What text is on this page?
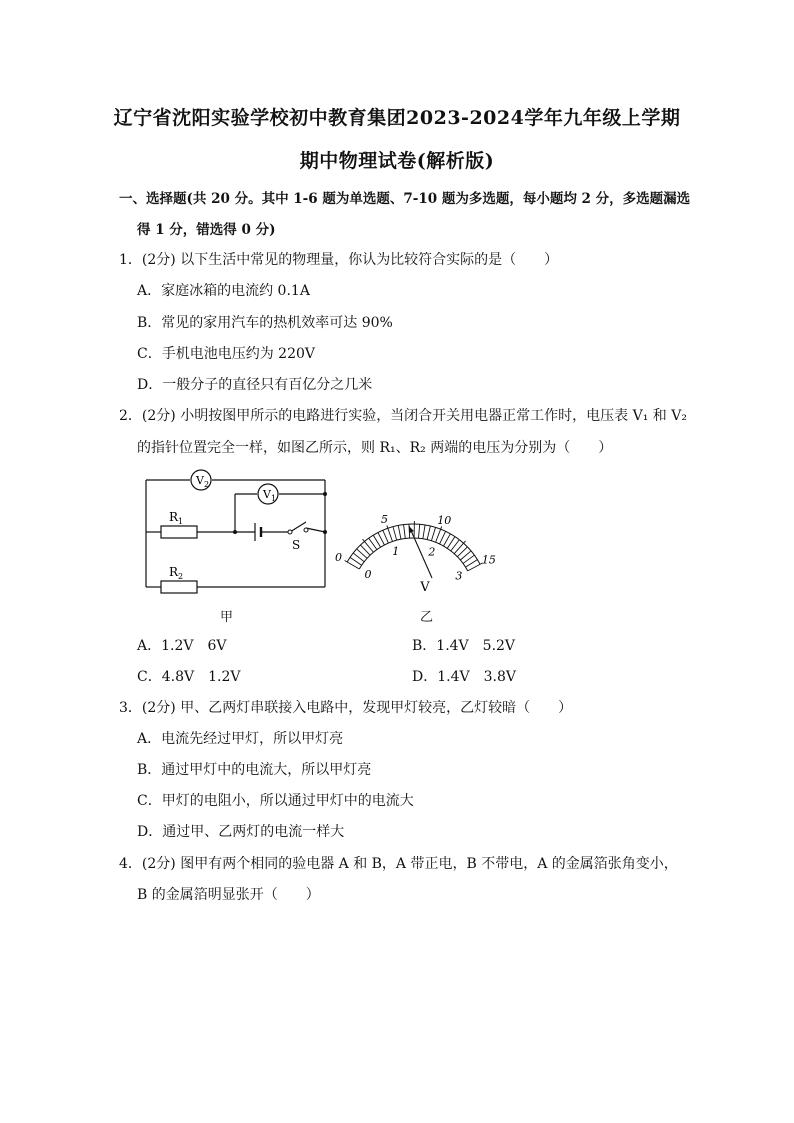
辽宁省沈阳实验学校初中教育集团2023-2024学年九年级上学期
期中物理试卷(解析版)
一、选择题(共 20 分。其中 1-6 题为单选题、7-10 题为多选题，每小题均 2 分，多选题漏选
得 1 分，错选得 0 分)
1．(2分) 以下生活中常见的物理量，你认为比较符合实际的是（　　）
A．家庭冰箱的电流约 0.1A
B．常见的家用汽车的热机效率可达 90%
C．手机电池电压约为 220V
D．一般分子的直径只有百亿分之几米
2．(2分) 小明按图甲所示的电路进行实验，当闭合开关用电器正常工作时，电压表 V₁ 和 V₂
的指针位置完全一样，如图乙所示，则 R₁、R₂ 两端的电压为分别为（　　）
$V_2$
$V_1$
$R_1$
$R_2$
S
0
5	10
15
0
1	2
3
V
甲	乙
A．1.2V　6V	B．1.4V　5.2V
C．4.8V　1.2V	D．1.4V　3.8V
3．(2分) 甲、乙两灯串联接入电路中，发现甲灯较亮，乙灯较暗（　　）
A．电流先经过甲灯，所以甲灯亮
B．通过甲灯中的电流大，所以甲灯亮
C．甲灯的电阻小，所以通过甲灯中的电流大
D．通过甲、乙两灯的电流一样大
4．(2分) 图甲有两个相同的验电器 A 和 B，A 带正电，B 不带电，A 的金属箔张角变小，
B 的金属箔明显张开（　　）
